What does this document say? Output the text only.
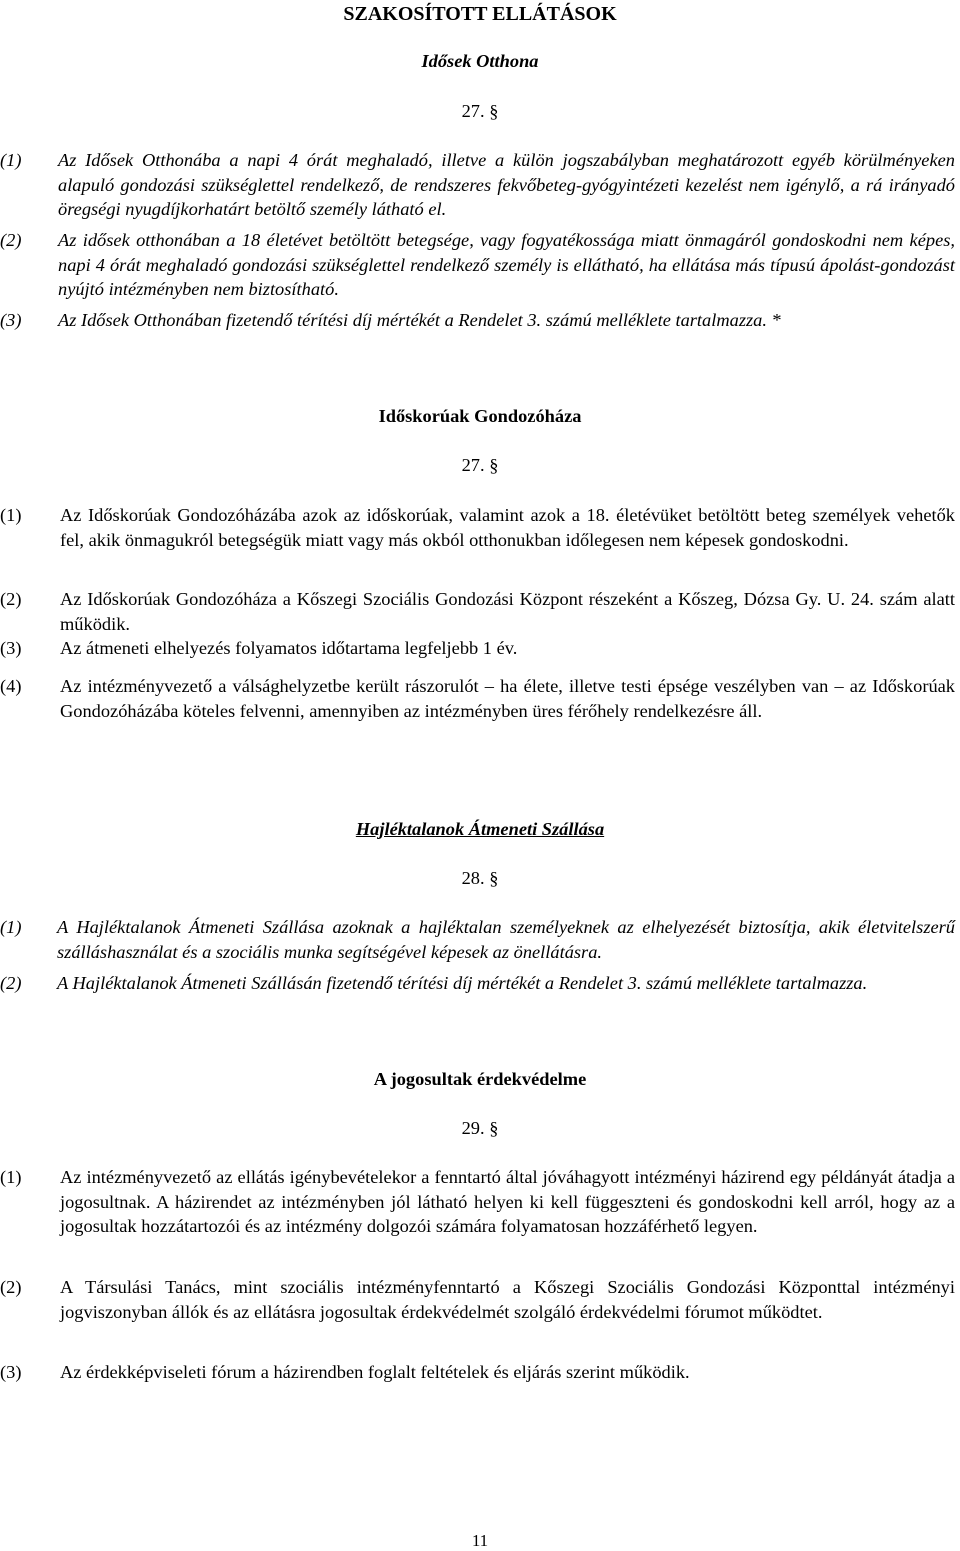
SZAKOSÍTOTT ELLÁTÁSOK
Idősek Otthona
27. §
(1) Az Idősek Otthonába a napi 4 órát meghaladó, illetve a külön jogszabályban meghatározott egyéb körülményeken alapuló gondozási szükséglettel rendelkező, de rendszeres fekvőbeteg-gyógyintézeti kezelést nem igénylő, a rá irányadó öregségi nyugdíjkorhatárt betöltő személy látható el.
(2) Az idősek otthonában a 18 életévet betöltött betegsége, vagy fogyatékossága miatt önmagáról gondoskodni nem képes, napi 4 órát meghaladó gondozási szükséglettel rendelkező személy is ellátható, ha ellátása más típusú ápolást-gondozást nyújtó intézményben nem biztosítható.
(3) Az Idősek Otthonában fizetendő térítési díj mértékét a Rendelet 3. számú melléklete tartalmazza. *
Időskorúak Gondozóháza
27. §
(1) Az Időskorúak Gondozóházába azok az időskorúak, valamint azok a 18. életévüket betöltött beteg személyek vehetők fel, akik önmagukról betegségük miatt vagy más okból otthonukban időlegesen nem képesek gondoskodni.
(2) Az Időskorúak Gondozóháza a Kőszegi Szociális Gondozási Központ részeként a Kőszeg, Dózsa Gy. U. 24. szám alatt működik.
(3) Az átmeneti elhelyezés folyamatos időtartama legfeljebb 1 év.
(4) Az intézményvezető a válsághelyzetbe került rászorulót – ha élete, illetve testi épsége veszélyben van – az Időskorúak Gondozóházába köteles felvenni, amennyiben az intézményben üres férőhely rendelkezésre áll.
Hajléktalanok Átmeneti Szállása
28. §
(1) A Hajléktalanok Átmeneti Szállása azoknak a hajléktalan személyeknek az elhelyezését biztosítja, akik életvitelszerű szálláshasználat és a szociális munka segítségével képesek az önellátásra.
(2) A Hajléktalanok Átmeneti Szállásán fizetendő térítési díj mértékét a Rendelet 3. számú melléklete tartalmazza.
A jogosultak érdekvédelme
29. §
(1) Az intézményvezető az ellátás igénybevételekor a fenntartó által jóváhagyott intézményi házirend egy példányát átadja a jogosultnak. A házirendet az intézményben jól látható helyen ki kell függeszteni és gondoskodni kell arról, hogy az a jogosultak hozzátartozói és az intézmény dolgozói számára folyamatosan hozzáférhető legyen.
(2) A Társulási Tanács, mint szociális intézményfenntartó a Kőszegi Szociális Gondozási Központtal intézményi jogviszonyban állók és az ellátásra jogosultak érdekvédelmét szolgáló érdekvédelmi fórumot működtet.
(3) Az érdekképviseleti fórum a házirendben foglalt feltételek és eljárás szerint működik.
11
